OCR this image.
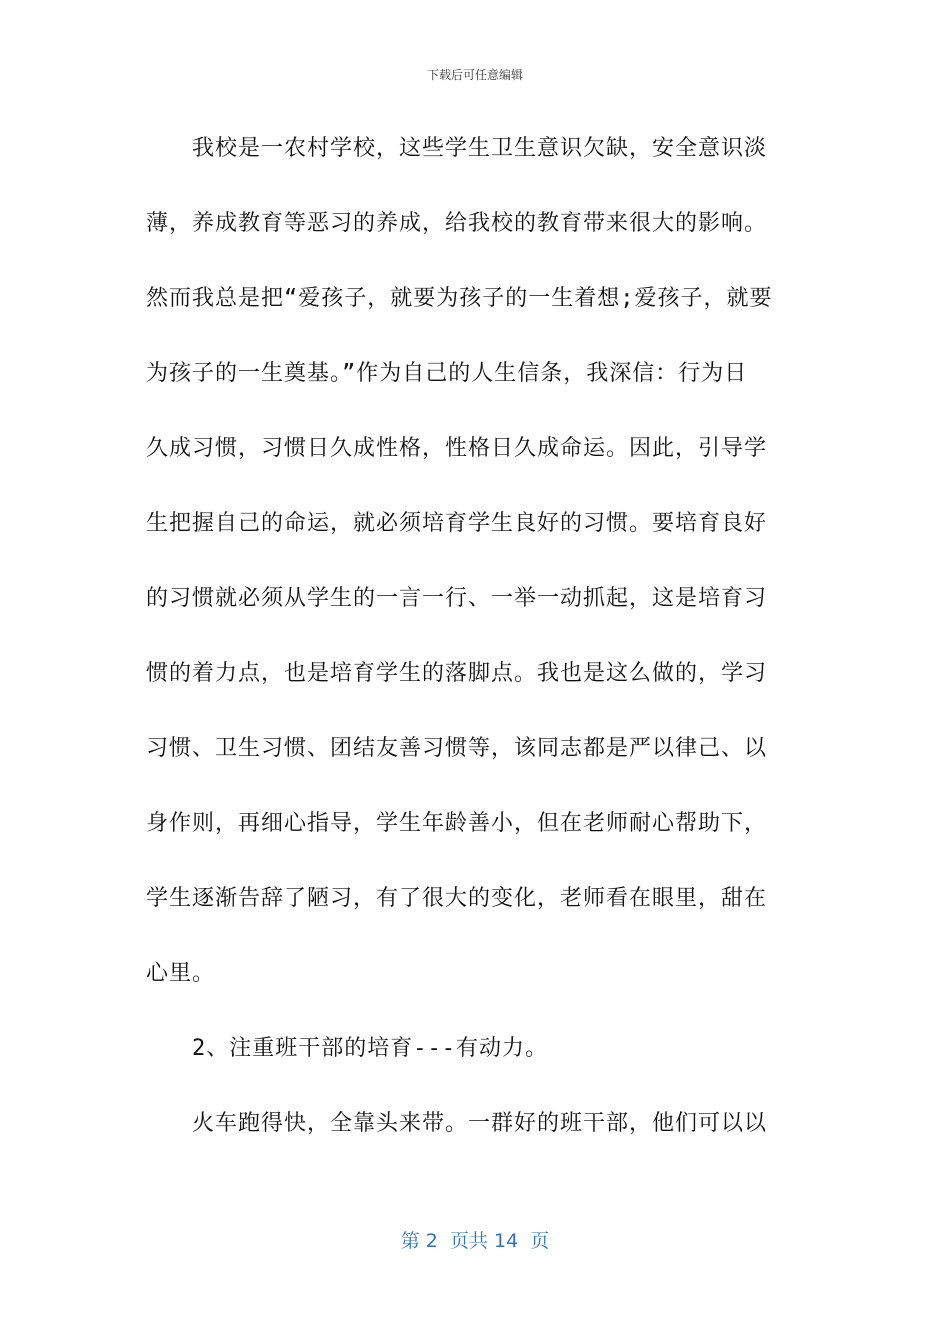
下载后可任意编辑
　　我校是一农村学校，这些学生卫生意识欠缺，安全意识淡
薄，养成教育等恶习的养成，给我校的教育带来很大的影响。
然而我总是把“爱孩子，就要为孩子的一生着想;爱孩子，就要
为孩子的一生奠基。”作为自己的人生信条，我深信：行为日
久成习惯，习惯日久成性格，性格日久成命运。因此，引导学
生把握自己的命运，就必须培育学生良好的习惯。要培育良好
的习惯就必须从学生的一言一行、一举一动抓起，这是培育习
惯的着力点，也是培育学生的落脚点。我也是这么做的，学习
习惯、卫生习惯、团结友善习惯等，该同志都是严以律己、以
身作则，再细心指导，学生年龄善小，但在老师耐心帮助下，
学生逐渐告辞了陋习，有了很大的变化，老师看在眼里，甜在
心里。
　　2、注重班干部的培育---有动力。
　　火车跑得快，全靠头来带。一群好的班干部，他们可以以
第 2  页共 14  页
